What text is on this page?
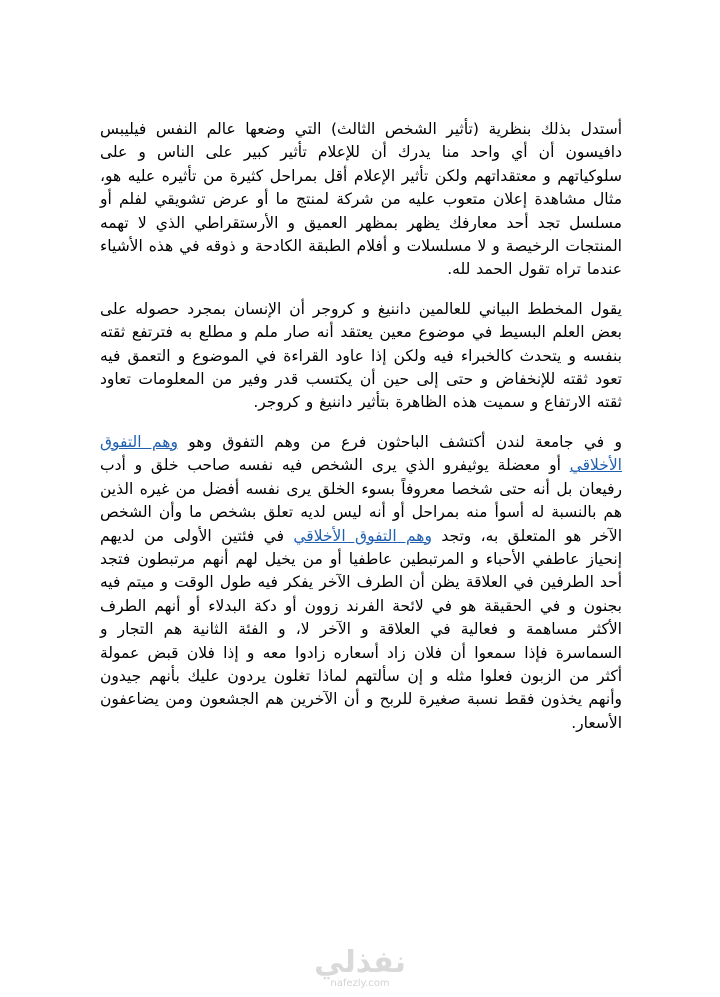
أستدل بذلك بنظرية (تأثير الشخص الثالث) التي وضعها عالم النفس فيليبس دافيسون أن أي واحد منا يدرك أن للإعلام تأثير كبير على الناس و على سلوكياتهم و معتقداتهم ولكن تأثير الإعلام أقل بمراحل كثيرة من تأثيره عليه هو، مثال مشاهدة إعلان متعوب عليه من شركة لمنتج ما أو عرض تشويقي لفلم أو مسلسل تجد أحد معارفك يظهر بمظهر العميق و الأرستقراطي الذي لا تهمه المنتجات الرخيصة و لا مسلسلات و أفلام الطبقة الكادحة و ذوقه في هذه الأشياء عندما تراه تقول الحمد لله.

يقول المخطط البياني للعالمين داننيغ و كروجر أن الإنسان بمجرد حصوله على بعض العلم البسيط في موضوع معين يعتقد أنه صار ملم و مطلع به فترتفع ثقته بنفسه و يتحدث كالخبراء فيه ولكن إذا عاود القراءة في الموضوع و التعمق فيه تعود ثقته للإنخفاض و حتى إلى حين أن يكتسب قدر وفير من المعلومات تعاود ثقته الارتفاع و سميت هذه الظاهرة بتأثير داننيغ و كروجر.

و في جامعة لندن أكتشف الباحثون فرع من وهم التفوق وهو وهم التفوق الأخلاقي أو معضلة يوثيفرو الذي يرى الشخص فيه نفسه صاحب خلق و أدب رفيعان بل أنه حتى شخصا معروفاً بسوء الخلق يرى نفسه أفضل من غيره الذين هم بالنسبة له أسوأ منه بمراحل أو أنه ليس لديه تعلق بشخص ما وأن الشخص الآخر هو المتعلق به، وتجد وهم التفوق الأخلاقي في فئتين الأولى من لديهم إنحياز عاطفي الأحباء و المرتبطين عاطفيا أو من يخيل لهم أنهم مرتبطون فتجد أحد الطرفين في العلاقة يظن أن الطرف الآخر يفكر فيه طول الوقت و ميتم فيه بجنون و في الحقيقة هو في لائحة الفرند زوون أو دكة البدلاء أو أنهم الطرف الأكثر مساهمة و فعالية في العلاقة و الآخر لا، و الفئة الثانية هم التجار و السماسرة فإذا سمعوا أن فلان زاد أسعاره زادوا معه و إذا فلان قبض عمولة أكثر من الزبون فعلوا مثله و إن سألتهم لماذا تغلون يردون عليك بأنهم جيدون وأنهم يخذون فقط نسبة صغيرة للربح و أن الآخرين هم الجشعون ومن يضاعفون الأسعار.

نفذلي
nafezly.com
